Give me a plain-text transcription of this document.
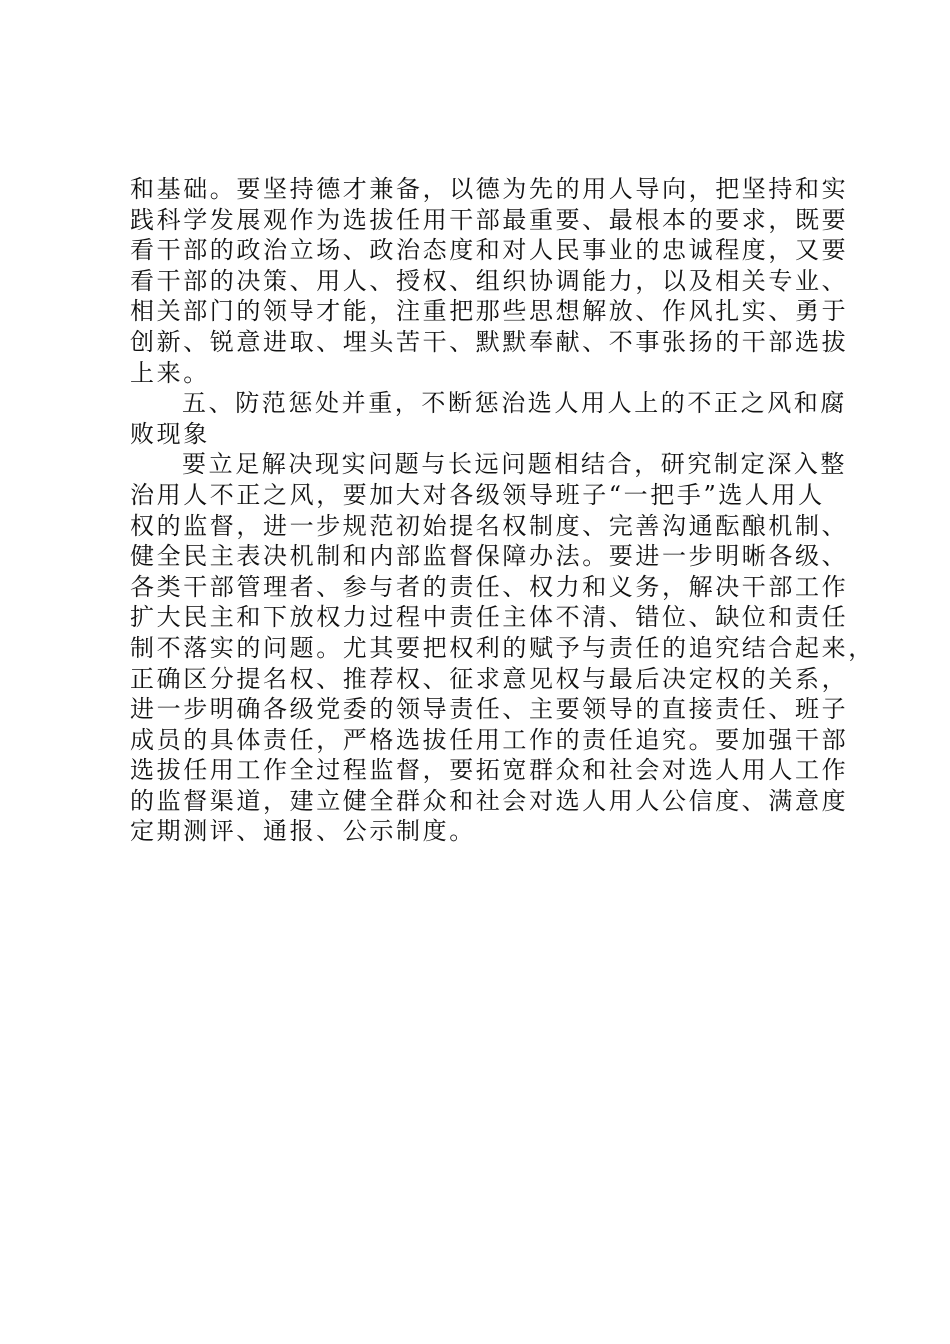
和基础。要坚持德才兼备，以德为先的用人导向，把坚持和实
践科学发展观作为选拔任用干部最重要、最根本的要求，既要
看干部的政治立场、政治态度和对人民事业的忠诚程度，又要
看干部的决策、用人、授权、组织协调能力，以及相关专业、
相关部门的领导才能，注重把那些思想解放、作风扎实、勇于
创新、锐意进取、埋头苦干、默默奉献、不事张扬的干部选拔
上来。
五、防范惩处并重，不断惩治选人用人上的不正之风和腐
败现象
要立足解决现实问题与长远问题相结合，研究制定深入整
治用人不正之风，要加大对各级领导班子“一把手”选人用人
权的监督，进一步规范初始提名权制度、完善沟通酝酿机制、
健全民主表决机制和内部监督保障办法。要进一步明晰各级、
各类干部管理者、参与者的责任、权力和义务，解决干部工作
扩大民主和下放权力过程中责任主体不清、错位、缺位和责任
制不落实的问题。尤其要把权利的赋予与责任的追究结合起来，
正确区分提名权、推荐权、征求意见权与最后决定权的关系，
进一步明确各级党委的领导责任、主要领导的直接责任、班子
成员的具体责任，严格选拔任用工作的责任追究。要加强干部
选拔任用工作全过程监督，要拓宽群众和社会对选人用人工作
的监督渠道，建立健全群众和社会对选人用人公信度、满意度
定期测评、通报、公示制度。
